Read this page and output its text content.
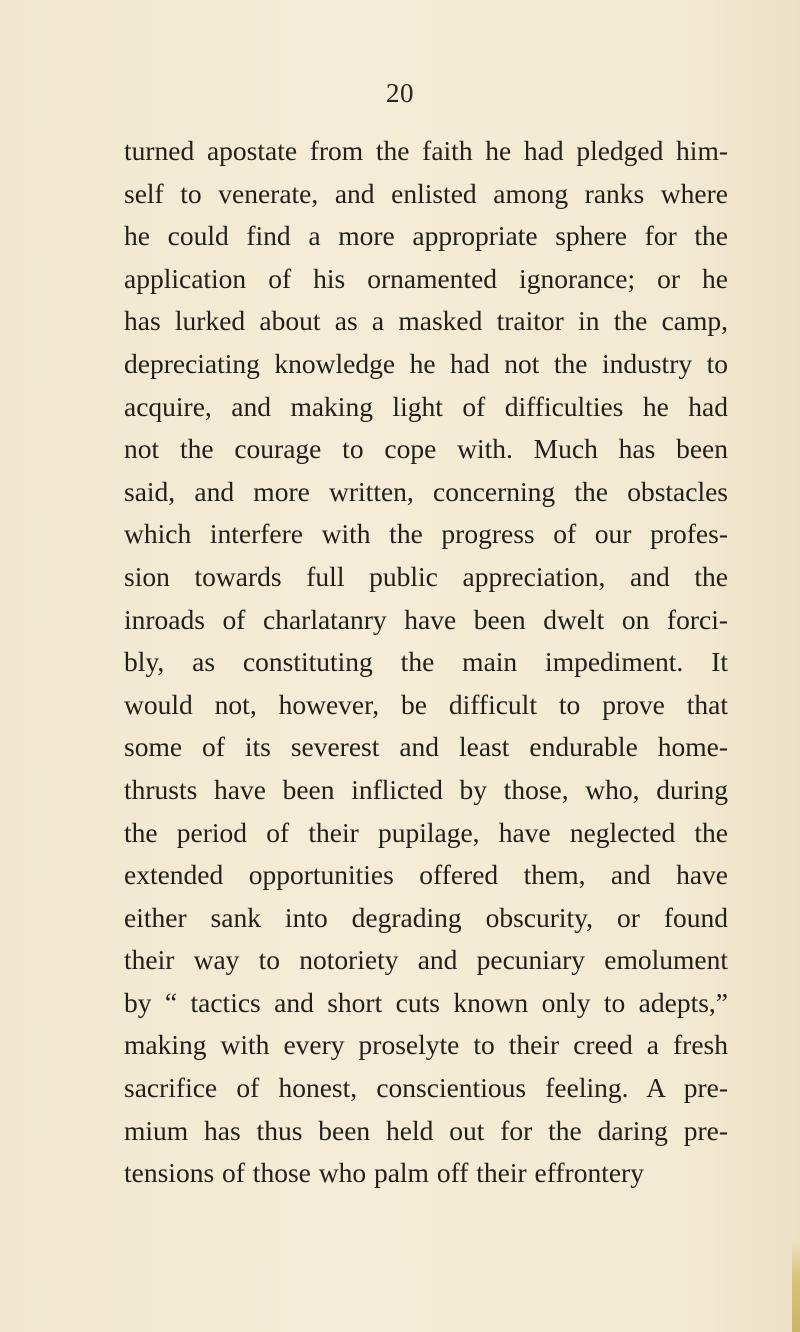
20
turned apostate from the faith he had pledged him-
self to venerate, and enlisted among ranks where
he could find a more appropriate sphere for the
application of his ornamented ignorance; or he
has lurked about as a masked traitor in the camp,
depreciating knowledge he had not the industry to
acquire, and making light of difficulties he had
not the courage to cope with. Much has been
said, and more written, concerning the obstacles
which interfere with the progress of our profes-
sion towards full public appreciation, and the
inroads of charlatanry have been dwelt on forci-
bly, as constituting the main impediment. It
would not, however, be difficult to prove that
some of its severest and least endurable home-
thrusts have been inflicted by those, who, during
the period of their pupilage, have neglected the
extended opportunities offered them, and have
either sank into degrading obscurity, or found
their way to notoriety and pecuniary emolument
by “ tactics and short cuts known only to adepts,”
making with every proselyte to their creed a fresh
sacrifice of honest, conscientious feeling. A pre-
mium has thus been held out for the daring pre-
tensions of those who palm off their effrontery
